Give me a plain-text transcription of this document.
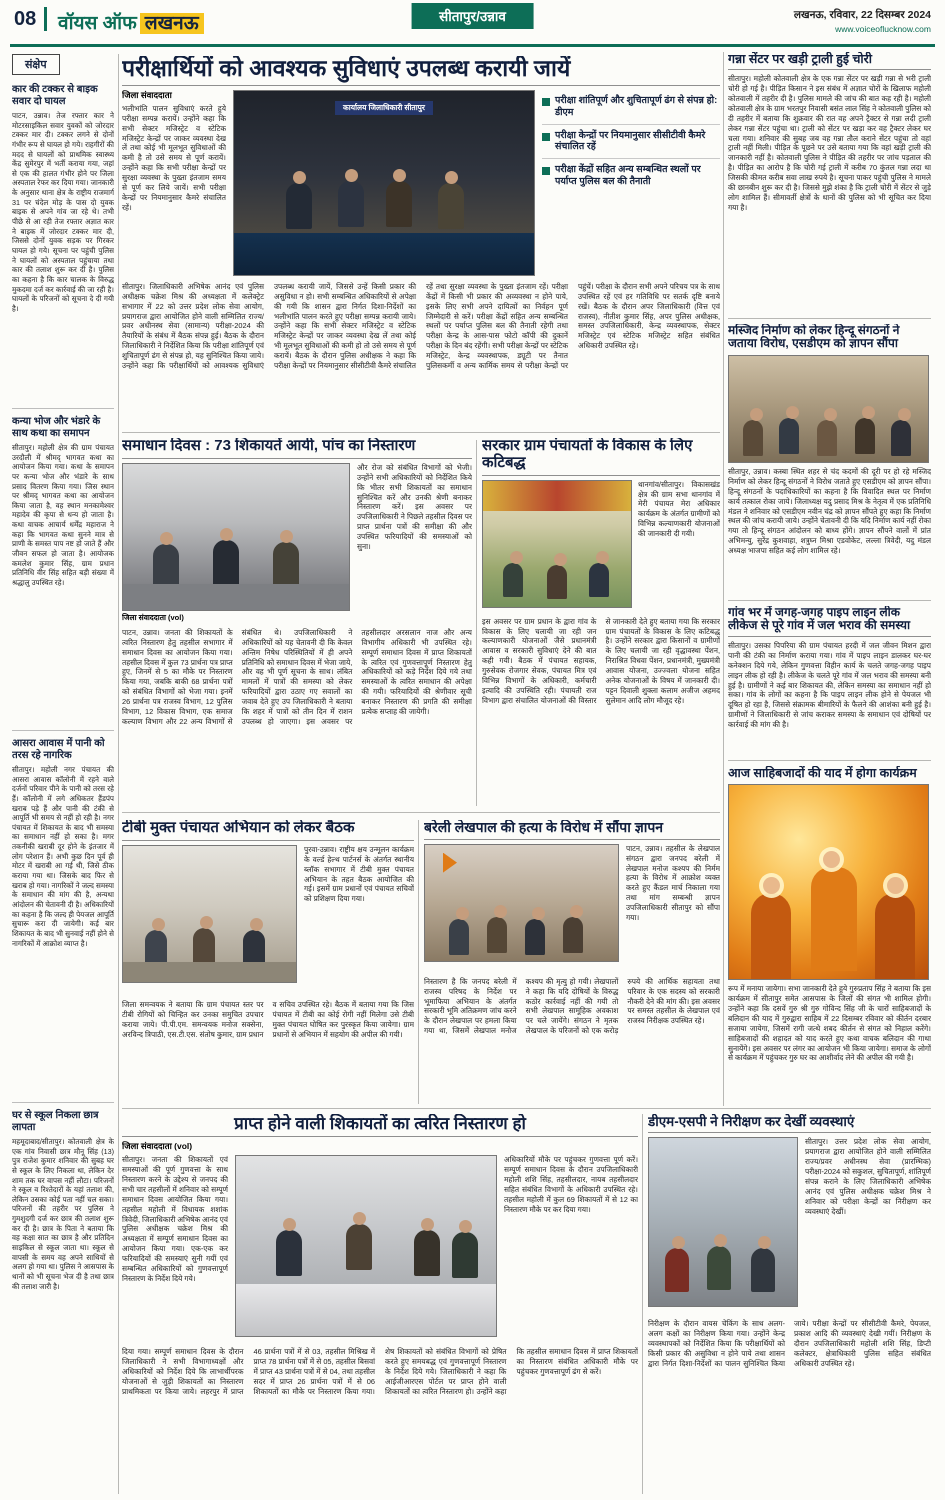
08	वॉयस ऑफ लखनऊ	सीतापुर/उन्नाव	लखनऊ, रविवार, 22 दिसम्बर 2024
www.voiceoflucknow.com
संक्षेप
कार की टक्कर से बाइक सवार दो घायल
पाटन, उन्नाव। तेज रफ्तार कार ने मोटरसाइकिल सवार युवकों को जोरदार टक्कर मार दी। टक्कर लगने से दोनों गंभीर रूप से घायल हो गये। राहगीरों की मदद से घायलों को प्राथमिक स्वास्थ्य केंद्र सुमेरपुर में भर्ती कराया गया, जहां से एक की हालत गंभीर होने पर जिला अस्पताल रेफर कर दिया गया। जानकारी के अनुसार थाना क्षेत्र के राष्ट्रीय राजमार्ग 31 पर चंदेल मोड़ के पास दो युवक बाइक से अपने गांव जा रहे थे। तभी पीछे से आ रही तेज रफ्तार अज्ञात कार ने बाइक में जोरदार टक्कर मार दी, जिससे दोनों युवक सड़क पर गिरकर घायल हो गये। सूचना पर पहुंची पुलिस ने घायलों को अस्पताल पहुंचाया तथा कार की तलाश शुरू कर दी है। पुलिस का कहना है कि कार चालक के विरुद्ध मुकदमा दर्ज कर कार्रवाई की जा रही है। घायलों के परिजनों को सूचना दे दी गयी है।
कन्या भोज और भंडारे के साथ कथा का समापन
सीतापुर। महोली क्षेत्र की ग्राम पंचायत उरदौली में श्रीमद् भागवत कथा का आयोजन किया गया। कथा के समापन पर कन्या भोज और भंडारे के साथ प्रसाद वितरण किया गया। जिस स्थान पर श्रीमद् भागवत कथा का आयोजन किया जाता है, वह स्थान मनकामेश्वर महादेव की कृपा से धन्य हो जाता है। कथा वाचक आचार्य धर्मेंद्र महाराज ने कहा कि भागवत कथा सुनने मात्र से प्राणी के समस्त पाप नष्ट हो जाते हैं और जीवन सफल हो जाता है। आयोजक कमलेश कुमार सिंह, ग्राम प्रधान प्रतिनिधि वीर सिंह सहित बड़ी संख्या में श्रद्धालु उपस्थित रहे।
आसरा आवास में पानी को तरस रहे नागरिक
सीतापुर। महोली नगर पंचायत की आसरा आवास कॉलोनी में रहने वाले दर्जनों परिवार पीने के पानी को तरस रहे हैं। कॉलोनी में लगे अधिकतर हैंडपंप खराब पड़े हैं और पानी की टंकी से आपूर्ति भी समय से नहीं हो रही है। नगर पंचायत में शिकायत के बाद भी समस्या का समाधान नहीं हो सका है। मगर तकनीकी खराबी दूर होने के इंतजार में लोग परेशान हैं। अभी कुछ दिन पूर्व ही मोटर में खराबी आ गई थी, जिसे ठीक कराया गया था। जिसके बाद फिर से खराब हो गया। नागरिकों ने जल्द समस्या के समाधान की मांग की है, अन्यथा आंदोलन की चेतावनी दी है। अधिकारियों का कहना है कि जल्द ही पेयजल आपूर्ति सुचारू करा दी जायेगी। कई बार शिकायत के बाद भी सुनवाई नहीं होने से नागरिकों में आक्रोश व्याप्त है।
घर से स्कूल निकला छात्र लापता
महमूदाबाद/सीतापुर। कोतवाली क्षेत्र के एक गांव निवासी छात्र मौनू सिंह (13) पुत्र राजेश कुमार शनिवार की सुबह घर से स्कूल के लिए निकला था, लेकिन देर शाम तक घर वापस नहीं लौटा। परिजनों ने स्कूल व रिश्तेदारों के यहां तलाश की, लेकिन उसका कोई पता नहीं चल सका। परिजनों की तहरीर पर पुलिस ने गुमशुदगी दर्ज कर छात्र की तलाश शुरू कर दी है। छात्र के पिता ने बताया कि वह कक्षा सात का छात्र है और प्रतिदिन साइकिल से स्कूल जाता था। स्कूल से वापसी के समय वह अपने साथियों से अलग हो गया था। पुलिस ने आसपास के थानों को भी सूचना भेज दी है तथा छात्र की तलाश जारी है।
परीक्षार्थियों को आवश्यक सुविधाएं उपलब्ध करायी जायें
जिला संवाददाता
भलीभांति पालन सुविधाएं करते हुये परीक्षा सम्पन्न करायें। उन्होंने कहा कि सभी सेक्टर मजिस्ट्रेट व स्टेटिक मजिस्ट्रेट केन्द्रों पर जाकर व्यवस्था देख लें तथा कोई भी मूलभूत सुविधाओं की कमी है तो उसे समय से पूर्ण करायें। उन्होंने कहा कि सभी परीक्षा केन्द्रों पर सुरक्षा व्यवस्था के पुख्ता इंतजाम समय से पूर्ण कर लिये जायें। सभी परीक्षा केन्द्रों पर नियमानुसार कैमरे संचालित रहें।
कार्यालय जिलाधिकारी सीतापुर
परीक्षा शांतिपूर्ण और शुचितापूर्ण ढंग से संपन्न हो: डीएम
परीक्षा केन्द्रों पर नियमानुसार सीसीटीवी कैमरे संचालित रहें
परीक्षा केंद्रों सहित अन्य सम्बन्धित स्थलों पर पर्याप्त पुलिस बल की तैनाती
सीतापुर। जिलाधिकारी अभिषेक आनंद एवं पुलिस अधीक्षक चक्रेश मिश्र की अध्यक्षता में कलेक्ट्रेट सभागार में 22 को उत्तर प्रदेश लोक सेवा आयोग, प्रयागराज द्वारा आयोजित होने वाली सम्मिलित राज्य/प्रवर अधीनस्थ सेवा (सामान्य) परीक्षा-2024 की तैयारियों के संबंध में बैठक संपन्न हुई। बैठक के दौरान जिलाधिकारी ने निर्देशित किया कि परीक्षा शांतिपूर्ण एवं शुचितापूर्ण ढंग से संपन्न हो, यह सुनिश्चित किया जाये। उन्होंने कहा कि परीक्षार्थियों को आवश्यक सुविधाएं उपलब्ध करायी जायें, जिससे उन्हें किसी प्रकार की असुविधा न हो। सभी सम्बन्धित अधिकारियों से अपेक्षा की गयी कि शासन द्वारा निर्गत दिशा-निर्देशों का भलीभांति पालन करते हुए परीक्षा सम्पन्न करायी जाये। उन्होंने कहा कि सभी सेक्टर मजिस्ट्रेट व स्टेटिक मजिस्ट्रेट केन्द्रों पर जाकर व्यवस्था देख लें तथा कोई भी मूलभूत सुविधाओं की कमी हो तो उसे समय से पूर्ण करायें। बैठक के दौरान पुलिस अधीक्षक ने कहा कि परीक्षा केन्द्रों पर नियमानुसार सीसीटीवी कैमरे संचालित रहें तथा सुरक्षा व्यवस्था के पुख्ता इंतजाम रहें। परीक्षा केंद्रों में किसी भी प्रकार की अव्यवस्था न होने पाये, इसके लिए सभी अपने दायित्वों का निर्वहन पूर्ण जिम्मेदारी से करें। परीक्षा केंद्रों सहित अन्य सम्बन्धित स्थलों पर पर्याप्त पुलिस बल की तैनाती रहेगी तथा परीक्षा केन्द्र के आस-पास फोटो कॉपी की दुकानें परीक्षा के दिन बंद रहेंगी। सभी परीक्षा केन्द्रों पर स्टेटिक मजिस्ट्रेट, केन्द्र व्यवस्थापक, ड्यूटी पर तैनात पुलिसकर्मी व अन्य कार्मिक समय से परीक्षा केन्द्रों पर पहुंचें। परीक्षा के दौरान सभी अपने परिचय पत्र के साथ उपस्थित रहें एवं हर गतिविधि पर सतर्क दृष्टि बनाये रखें। बैठक के दौरान अपर जिलाधिकारी (वित्त एवं राजस्व), नीतीश कुमार सिंह, अपर पुलिस अधीक्षक, समस्त उपजिलाधिकारी, केन्द्र व्यवस्थापक, सेक्टर मजिस्ट्रेट एवं स्टेटिक मजिस्ट्रेट सहित संबंधित अधिकारी उपस्थित रहे।
समाधान दिवस : 73 शिकायतें आयी, पांच का निस्तारण
जिला संवाददाता (vol)
और रोज को संबंधित विभागों को भेजी। उन्होंने सभी अधिकारियों को निर्देशित किये कि भीतर सभी शिकायतों का समाधान सुनिश्चित करें और उनकी श्रेणी बनाकर निस्तारण करें। इस अवसर पर उपजिलाधिकारी ने पिछले तहसील दिवस पर प्राप्त प्रार्थना पत्रों की समीक्षा की और उपस्थित फरियादियों की समस्याओं को सुना।
पाटन, उन्नाव। जनता की शिकायतों के त्वरित निस्तारण हेतु तहसील सभागार में समाधान दिवस का आयोजन किया गया। तहसील दिवस में कुल 73 प्रार्थना पत्र प्राप्त हुए, जिनमें से 5 का मौके पर निस्तारण किया गया, जबकि बाकी 68 प्रार्थना पत्रों को संबंधित विभागों को भेजा गया। इनमें 26 प्रार्थना पत्र राजस्व विभाग, 12 पुलिस विभाग, 12 विकास विभाग, एक समाज कल्याण विभाग और 22 अन्य विभागों से संबंधित थे। उपजिलाधिकारी ने अधिकारियों को यह चेतावनी दी कि केवल अन्तिम निषेध परिस्थितियों में ही अपने प्रतिनिधि को समाधान दिवस में भेजा जाये, और वह भी पूर्ण सूचना के साथ। लंबित मामलों में पात्रों की समस्या को लेकर फरियादियों द्वारा उठाए गए सवालों का जवाब देते हुए उप जिलाधिकारी ने बताया कि शहर में पात्रों को तीन दिन में राशन उपलब्ध हो जाएगा। इस अवसर पर तहसीलदार अरसलान नाज और अन्य विभागीय अधिकारी भी उपस्थित रहे। सम्पूर्ण समाधान दिवस में प्राप्त शिकायतों के त्वरित एवं गुणवत्तापूर्ण निस्तारण हेतु अधिकारियों को कड़े निर्देश दिये गये तथा समस्याओं के त्वरित समाधान की अपेक्षा की गयी। फरियादियों की श्रेणीवार सूची बनाकर निस्तारण की प्रगति की समीक्षा प्रत्येक सप्ताह की जायेगी।
सरकार ग्राम पंचायतों के विकास के लिए कटिबद्ध
थानगांव/सीतापुर। विकासखंड क्षेत्र की ग्राम सभा थानगांव में मेरी पंचायत मेरा अधिकार कार्यक्रम के अंतर्गत ग्रामीणों को विभिन्न कल्याणकारी योजनाओं की जानकारी दी गयी।
इस अवसर पर ग्राम प्रधान के द्वारा गांव के विकास के लिए चलायी जा रही जन कल्याणकारी योजनाओं जैसे प्रधानमंत्री आवास व सरकारी सुविधाएं देने की बात कही गयी। बैठक में पंचायत सहायक, गुरुसेवक रोजगार सेवक, पंचायत मित्र एवं विभिन्न विभागों के अधिकारी, कर्मचारी इत्यादि की उपस्थिति रही। पंचायती राज विभाग द्वारा संचालित योजनाओं की विस्तार से जानकारी देते हुए बताया गया कि सरकार ग्राम पंचायतों के विकास के लिए कटिबद्ध है। उन्होंने सरकार द्वारा किसानों व ग्रामीणों के लिए चलायी जा रही वृद्धावस्था पेंशन, निराश्रित विधवा पेंशन, प्रधानमंत्री, मुख्यमंत्री आवास योजना, उज्ज्वला योजना सहित अनेक योजनाओं के विषय में जानकारी दी। पट्टन दिवाली शुक्ला कलाम अजीज अहमद सुलेमान आदि लोग मौजूद रहे।
गन्ना सेंटर पर खड़ी ट्राली हुई चोरी
सीतापुर। महोली कोतवाली क्षेत्र के एक गन्ना सेंटर पर खड़ी गन्ना से भरी ट्राली चोरी हो गई है। पीड़ित किसान ने इस संबंध में अज्ञात चोरों के खिलाफ महोली कोतवाली में तहरीर दी है। पुलिस मामले की जांच की बात कह रही है। महोली कोतवाली क्षेत्र के ग्राम भरतपुर निवासी बसंत लाल सिंह ने कोतवाली पुलिस को दी तहरीर में बताया कि शुक्रवार की रात वह अपने ट्रैक्टर से गन्ना लदी ट्राली लेकर गन्ना सेंटर पहुंचा था। ट्राली को सेंटर पर खड़ा कर वह ट्रैक्टर लेकर घर चला गया। शनिवार की सुबह जब वह गन्ना तौल कराने सेंटर पहुंचा तो वहां ट्राली नहीं मिली। पीड़ित के पूछने पर उसे बताया गया कि वहां खड़ी ट्राली की जानकारी नहीं है। कोतवाली पुलिस ने पीड़ित की तहरीर पर जांच पड़ताल की है। पीड़ित का आरोप है कि चोरी गई ट्राली में करीब 70 कुंतल गन्ना लदा था जिसकी कीमत करीब सवा लाख रुपये है। सूचना पाकर पहुंची पुलिस ने मामले की छानबीन शुरू कर दी है। जिससे मुझे शंका है कि ट्राली चोरी में सेंटर से जुड़े लोग शामिल हैं। सीमावर्ती क्षेत्रों के थानों की पुलिस को भी सूचित कर दिया गया है।
मस्जिद निर्माण को लेकर हिन्दू संगठनों ने जताया विरोध, एसडीएम को ज्ञापन सौंपा
सीतापुर, उन्नाव। कस्बा स्थित शहर से चंद कदमों की दूरी पर हो रहे मस्जिद निर्माण को लेकर हिन्दू संगठनों ने विरोध जताते हुए एसडीएम को ज्ञापन सौंपा। हिन्दू संगठनों के पदाधिकारियों का कहना है कि विवादित स्थल पर निर्माण कार्य तत्काल रोका जाये। जिलाध्यक्ष यदु प्रसाद मिश्र के नेतृत्व में एक प्रतिनिधि मंडल ने शनिवार को एसडीएम नवीन चंद्र को ज्ञापन सौंपते हुए कहा कि निर्माण स्थल की जांच करायी जाये। उन्होंने चेतावनी दी कि यदि निर्माण कार्य नहीं रोका गया तो हिन्दू संगठन आंदोलन को बाध्य होंगे। ज्ञापन सौंपने वालों में प्रांत अभिमन्यु, सुरेंद्र कुशवाहा, शत्रुघ्न मिश्रा एडवोकेट, लल्ला त्रिवेदी, यदु मंडल अध्यक्ष भाजपा सहित कई लोग शामिल रहे।
गांव भर में जगह-जगह पाइप लाइन लीक लीकेज से पूरे गांव में जल भराव की समस्या
सीतापुर। उसका पिपरिया की ग्राम पंचायत हरदी में जल जीवन मिशन द्वारा पानी की टंकी का निर्माण कराया गया। गांव में पाइप लाइन डालकर घर-घर कनेक्शन दिये गये, लेकिन गुणवत्ता विहीन कार्य के चलते जगह-जगह पाइप लाइन लीक हो रही है। लीकेज के चलते पूरे गांव में जल भराव की समस्या बनी हुई है। ग्रामीणों ने कई बार शिकायत की, लेकिन समस्या का समाधान नहीं हो सका। गांव के लोगों का कहना है कि पाइप लाइन लीक होने से पेयजल भी दूषित हो रहा है, जिससे संक्रामक बीमारियों के फैलने की आशंका बनी हुई है। ग्रामीणों ने जिलाधिकारी से जांच कराकर समस्या के समाधान एवं दोषियों पर कार्रवाई की मांग की है।
आज साहिबजादों की याद में होगा कार्यक्रम
रूप में मनाया जायेगा। सभा जानकारी देते हुये गुरुप्रताप सिंह ने बताया कि इस कार्यक्रम में सीतापुर समेत आसपास के जिलों की संगत भी शामिल होगी। उन्होंने कहा कि दसवें गुरु श्री गुरु गोविन्द सिंह जी के चारों साहिबजादों के बलिदान की याद में गुरुद्वारा साहिब में 22 दिसम्बर रविवार को कीर्तन दरबार सजाया जायेगा, जिसमें रागी जत्थे शबद कीर्तन से संगत को निहाल करेंगे। साहिबजादों की शहादत को याद करते हुए कथा वाचक बलिदान की गाथा सुनायेंगे। इस अवसर पर लंगर का आयोजन भी किया जायेगा। समाज के लोगों से कार्यक्रम में पहुंचकर गुरु घर का आशीर्वाद लेने की अपील की गयी है।
टीबी मुक्त पंचायत अभियान को लेकर बैठक
पुरवा-उन्नाव। राष्ट्रीय क्षय उन्मूलन कार्यक्रम के वर्ल्ड हेल्थ पार्टनर्स के अंतर्गत स्थानीय ब्लॉक सभागार में टीबी मुक्त पंचायत अभियान के तहत बैठक आयोजित की गई। इसमें ग्राम प्रधानों एवं पंचायत सचिवों को प्रशिक्षण दिया गया।
जिला समन्वयक ने बताया कि ग्राम पंचायत स्तर पर टीबी रोगियों को चिन्हित कर उनका समुचित उपचार कराया जाये। पी.पी.एम. समन्वयक मनोज सक्सेना, अरविन्द त्रिपाठी, एस.टी.एस. संतोष कुमार, ग्राम प्रधान व सचिव उपस्थित रहे। बैठक में बताया गया कि जिस पंचायत में टीबी का कोई रोगी नहीं मिलेगा उसे टीबी मुक्त पंचायत घोषित कर पुरस्कृत किया जायेगा। ग्राम प्रधानों से अभियान में सहयोग की अपील की गयी।
बरेली लेखपाल की हत्या के विरोध में सौंपा ज्ञापन
पाटन, उन्नाव। तहसील के लेखपाल संगठन द्वारा जनपद बरेली में लेखपाल मनोज कश्यप की निर्मम हत्या के विरोध में आक्रोश व्यक्त करते हुए कैंडल मार्च निकाला गया तथा मांग सम्बन्धी ज्ञापन उपजिलाधिकारी सीतापुर को सौंपा गया।
निस्तारण है कि जनपद बरेली में राजस्व परिषद के निर्देश पर भूमाफिया अभियान के अंतर्गत सरकारी भूमि अतिक्रमण जांच करने के दौरान लेखपाल पर हमला किया गया था, जिसमें लेखपाल मनोज कश्यप की मृत्यु हो गयी। लेखपालों ने कहा कि यदि दोषियों के विरुद्ध कठोर कार्रवाई नहीं की गयी तो सभी लेखपाल सामूहिक अवकाश पर चले जायेंगे। संगठन ने मृतक लेखपाल के परिजनों को एक करोड़ रुपये की आर्थिक सहायता तथा परिवार के एक सदस्य को सरकारी नौकरी देने की मांग की। इस अवसर पर समस्त तहसील के लेखपाल एवं राजस्व निरीक्षक उपस्थित रहे।
प्राप्त होने वाली शिकायतों का त्वरित निस्तारण हो
जिला संवाददाता (vol)
सीतापुर। जनता की शिकायतों एवं समस्याओं की पूर्ण गुणवत्ता के साथ निस्तारण करने के उद्देश्य से जनपद की सभी चार तहसीलों में शनिवार को सम्पूर्ण समाधान दिवस आयोजित किया गया। तहसील महोली में विधायक शशांक त्रिवेदी, जिलाधिकारी अभिषेक आनंद एवं पुलिस अधीक्षक चक्रेश मिश्र की अध्यक्षता में सम्पूर्ण समाधान दिवस का आयोजन किया गया। एक-एक कर फरियादियों की समस्याएं सुनी गयीं एवं सम्बन्धित अधिकारियों को गुणवत्तापूर्ण निस्तारण के निर्देश दिये गये।
अधिकारियों मौके पर पहुंचकर गुणवत्ता पूर्ण करें। सम्पूर्ण समाधान दिवस के दौरान उपजिलाधिकारी महोली शशि सिंह, तहसीलदार, नायब तहसीलदार सहित संबंधित विभागों के अधिकारी उपस्थित रहे। तहसील महोली में कुल 69 शिकायतों में से 12 का निस्तारण मौके पर कर दिया गया।
दिया गया। सम्पूर्ण समाधान दिवस के दौरान जिलाधिकारी ने सभी विभागाध्यक्षों और अधिकारियों को निर्देश दिये कि लाभार्थीपरक योजनाओं से जुड़ी शिकायतों का निस्तारण प्राथमिकता पर किया जाये। लहरपुर में प्राप्त 46 प्रार्थना पत्रों में से 03, तहसील मिश्रिख में प्राप्त 78 प्रार्थना पत्रों में से 05, तहसील बिसवां में प्राप्त 43 प्रार्थना पत्रों में से 04, तथा तहसील सदर में प्राप्त 26 प्रार्थना पत्रों में से 06 शिकायतों का मौके पर निस्तारण किया गया। शेष शिकायतों को संबंधित विभागों को प्रेषित करते हुए समयबद्ध एवं गुणवत्तापूर्ण निस्तारण के निर्देश दिये गये। जिलाधिकारी ने कहा कि आईजीआरएस पोर्टल पर प्राप्त होने वाली शिकायतों का त्वरित निस्तारण हो। उन्होंने कहा कि तहसील समाधान दिवस में प्राप्त शिकायतों का निस्तारण संबंधित अधिकारी मौके पर पहुंचकर गुणवत्तापूर्ण ढंग से करें।
डीएम-एसपी ने निरीक्षण कर देखीं व्यवस्थाएं
सीतापुर। उत्तर प्रदेश लोक सेवा आयोग, प्रयागराज द्वारा आयोजित होने वाली सम्मिलित राज्य/प्रवर अधीनस्थ सेवा (प्रारम्भिक) परीक्षा-2024 को सकुशल, सुचितापूर्ण, शांतिपूर्ण संपन्न कराने के लिए जिलाधिकारी अभिषेक आनंद एवं पुलिस अधीक्षक चक्रेश मिश्र ने शनिवार को परीक्षा केन्द्रों का निरीक्षण कर व्यवस्थाएं देखीं।
निरीक्षण के दौरान वायस चेकिंग के साथ अलग-अलग कक्षों का निरीक्षण किया गया। उन्होंने केन्द्र व्यवस्थापकों को निर्देशित किया कि परीक्षार्थियों को किसी प्रकार की असुविधा न होने पाये तथा शासन द्वारा निर्गत दिशा-निर्देशों का पालन सुनिश्चित किया जाये। परीक्षा केन्द्रों पर सीसीटीवी कैमरे, पेयजल, प्रकाश आदि की व्यवस्थाएं देखी गयीं। निरीक्षण के दौरान उपजिलाधिकारी महोली शशि सिंह, डिप्टी कलेक्टर, क्षेत्राधिकारी पुलिस सहित संबंधित अधिकारी उपस्थित रहे।
